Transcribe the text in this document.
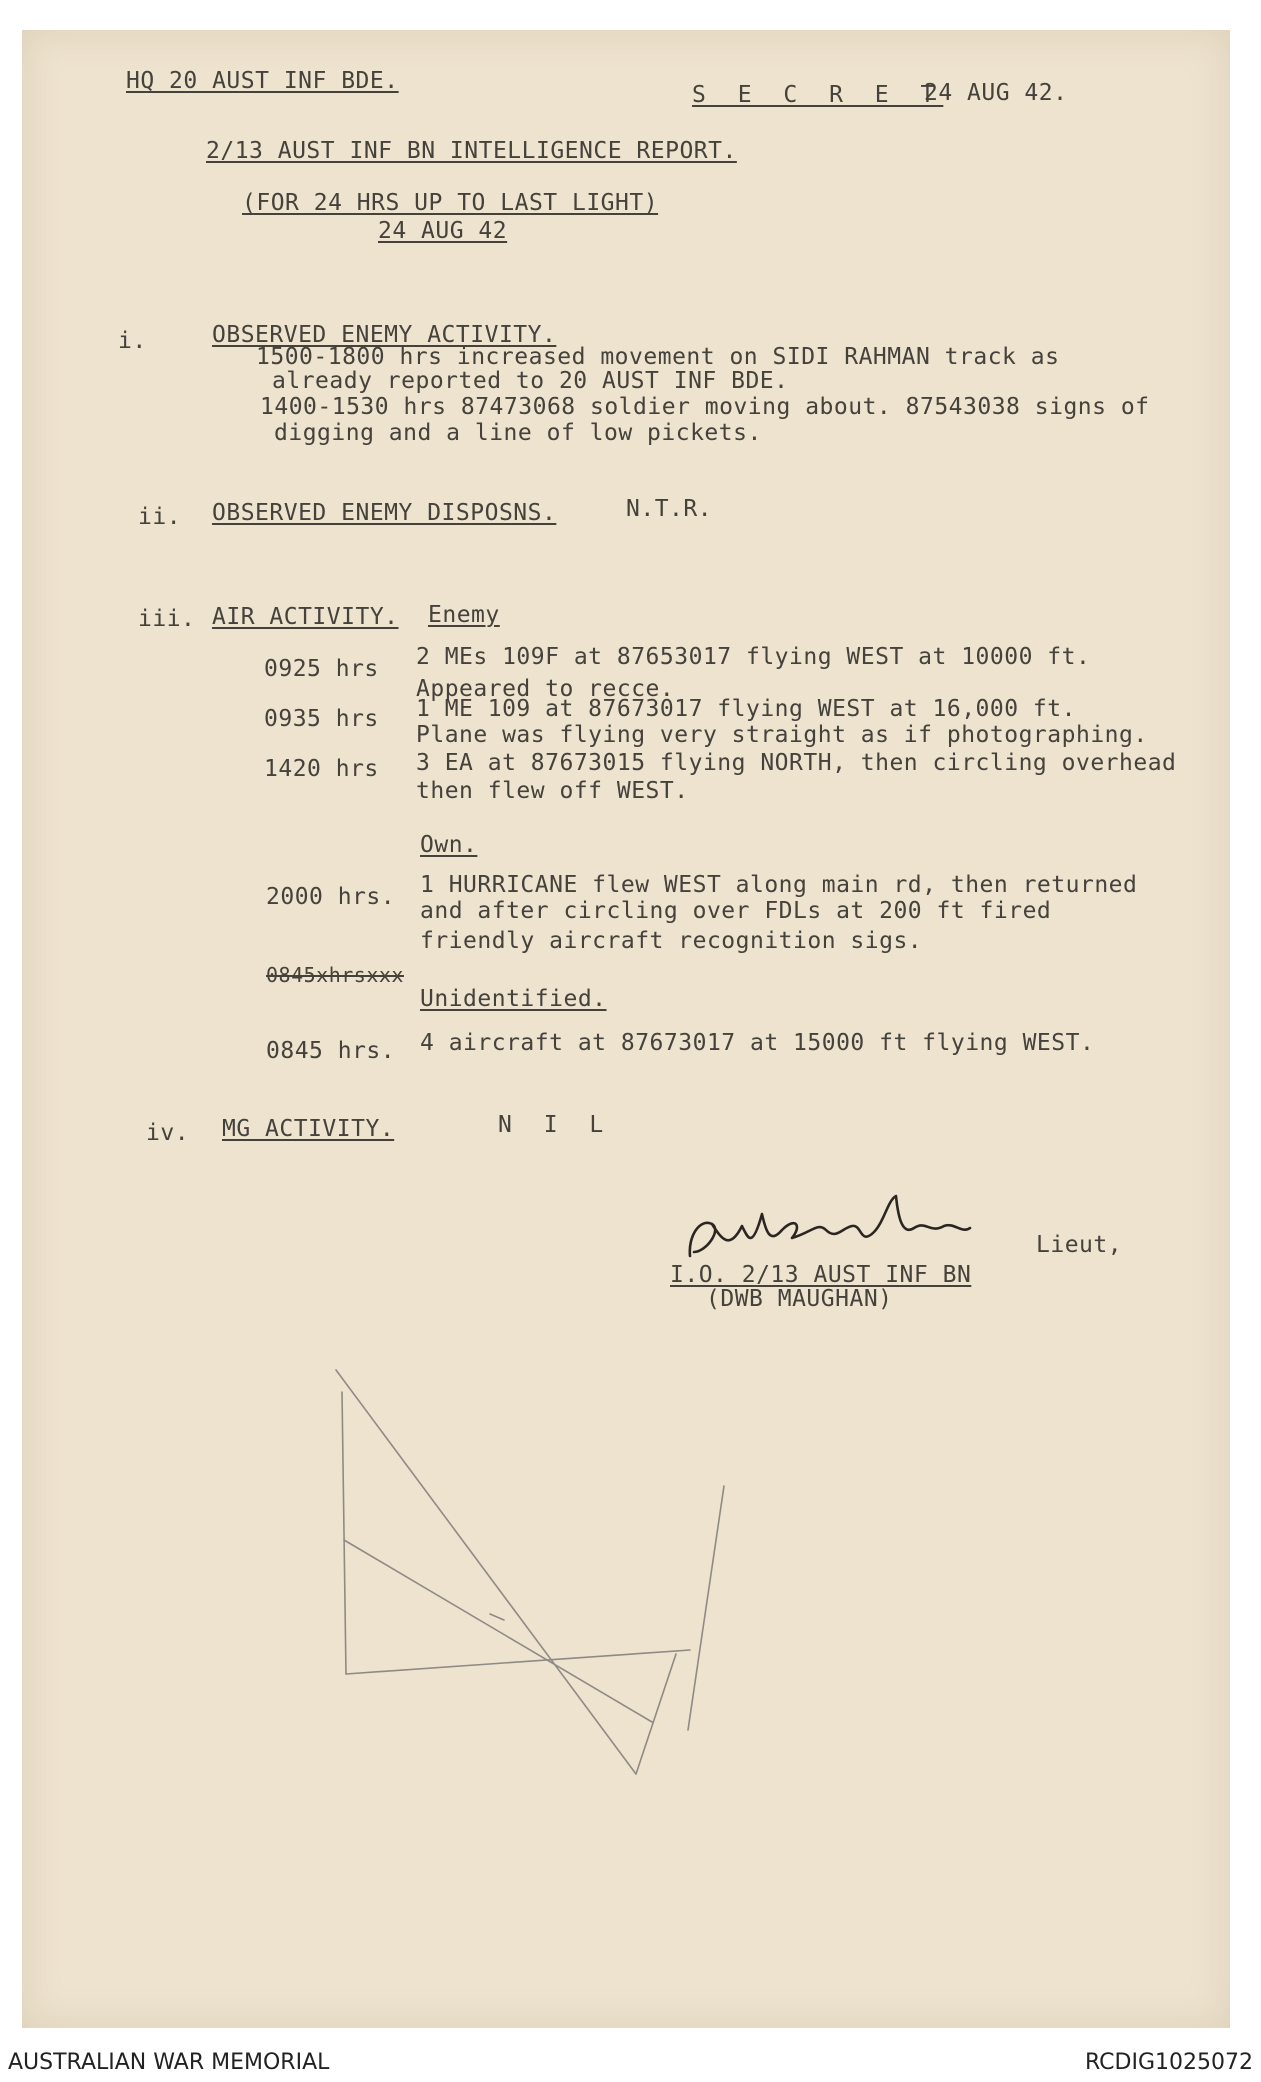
HQ 20 AUST INF BDE.
S E C R E T
24 AUG 42.
2/13 AUST INF BN INTELLIGENCE REPORT.
(FOR 24 HRS UP TO LAST LIGHT)
24 AUG 42
i.	OBSERVED ENEMY ACTIVITY.
1500-1800 hrs increased movement on SIDI RAHMAN track as
already reported to 20 AUST INF BDE.
1400-1530 hrs 87473068 soldier moving about. 87543038 signs of
digging and a line of low pickets.
ii. OBSERVED ENEMY DISPOSNS.	N.T.R.
iii. AIR ACTIVITY. Enemy
0925 hrs 2 MEs 109F at 87653017 flying WEST at 10000 ft.
Appeared to recce.
0935 hrs 1 ME 109 at 87673017 flying WEST at 16,000 ft.
Plane was flying very straight as if photographing.
1420 hrs 3 EA at 87673015 flying NORTH, then circling overhead
then flew off WEST.
Own.
2000 hrs. 1 HURRICANE flew WEST along main rd, then returned
and after circling over FDLs at 200 ft fired
friendly aircraft recognition sigs.
0845xhrsxxx
Unidentified.
0845 hrs. 4 aircraft at 87673017 at 15000 ft flying WEST.
iv. MG ACTIVITY.	N I L
Lieut,
I.O. 2/13 AUST INF BN
(DWB MAUGHAN)
AUSTRALIAN WAR MEMORIAL	RCDIG1025072
